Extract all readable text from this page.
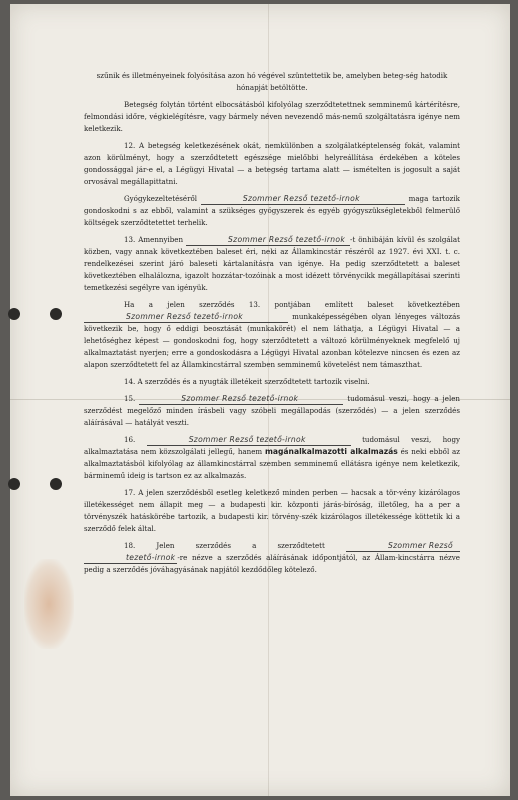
szűnik és illetményeinek folyósítása azon hó végével szüntettetik be, amelyben beteg-ség hatodik hónapját betöltötte.

Betegség folytán történt elbocsátásból kifolyólag szerződtetettnek semminemű kártérítésre, felmondási időre, végkielégítésre, vagy bármely néven nevezendő más-nemű szolgáltatásra igénye nem keletkezik.

12. A betegség keletkezésének okát, nemkülönben a szolgálatképtelenség fokát, valamint azon körülményt, hogy a szerződtetett egészsége mielőbbi helyreállítása érdekében a köteles gondossággal jár-e el, a Légügyi Hivatal — a betegség tartama alatt — ismételten is jogosult a saját orvosával megállapittatni.

Gyógykezeltetéséről	Szommer Rezső tezető-irnok	maga tartozik gondoskodni s az ebből, valamint a szükséges gyógyszerek és egyéb gyógyszükségletekből felmerülő költségek szerződtetettet terhelik.

13. Amennyiben	Szommer Rezső tezető-irnok -t önhibáján kívül és szolgálat közben, vagy annak következtében baleset éri, neki az Államkincstár részéről az 1927. évi XXI. t. c. rendelkezései szerint járó baleseti kártalanításra van igénye. Ha pedig szerződtetett a baleset következtében elhalálozna, igazolt hozzátar-tozóinak a most idézett törvénycikk megállapításai szerinti temetkezési segélyre van igényük.

Ha a jelen szerződés 13. pontjában említett baleset következtében Szommer Rezső tezető-irnok	munkaképességében olyan lényeges változás következik be, hogy ő eddigi beosztását (munkakörét) el nem láthatja, a Légügyi Hivatal — a lehetőséghez képest — gondoskodni fog, hogy szerződtetett a változó körülményeknek megfelelő uj alkalmaztatást nyerjen; erre a gondoskodásra a Légügyi Hivatal azonban kötelezve nincsen és ezen az alapon szerződtetett fel az Államkincstárral szemben semminemű követelést nem támaszthat.

14. A szerződés és a nyugták illetékeit szerződtetett tartozik viselni.

15.	Szommer Rezső tezető-irnok	tudomásul veszi, hogy a jelen szerződést megelőző minden írásbeli vagy szóbeli megállapodás (szerződés) — a jelen szerződés aláírásával — hatályát veszti.

16.	Szommer Rezső tezető-irnok	tudomásul veszi, hogy alkalmaztatása nem közszolgálati jellegű, hanem magánalkalmazotti alkalmazás és neki ebből az alkalmaztatásból kifolyólag az államkincstárral szemben semminemű ellátásra igénye nem keletkezik, bárminemű ideig is tartson ez az alkalmazás.

17. A jelen szerződésből esetleg keletkező minden perben — hacsak a tör-vény kizárólagos illetékességet nem állapit meg — a budapesti kir. központi járás-bíróság, illetőleg, ha a per a törvényszék hatáskörébe tartozik, a budapesti kir. törvény-szék kizárólagos illetékessége köttetik ki a szerződő felek által.

18. Jelen szerződés a szerződtetett	Szommer Rezső tezető-irnok -re nézve a szerződés aláírásának időpontjától, az Állam-kincstárra nézve pedig a szerződés jóváhagyásának napjától kezdődőleg kötelező.
